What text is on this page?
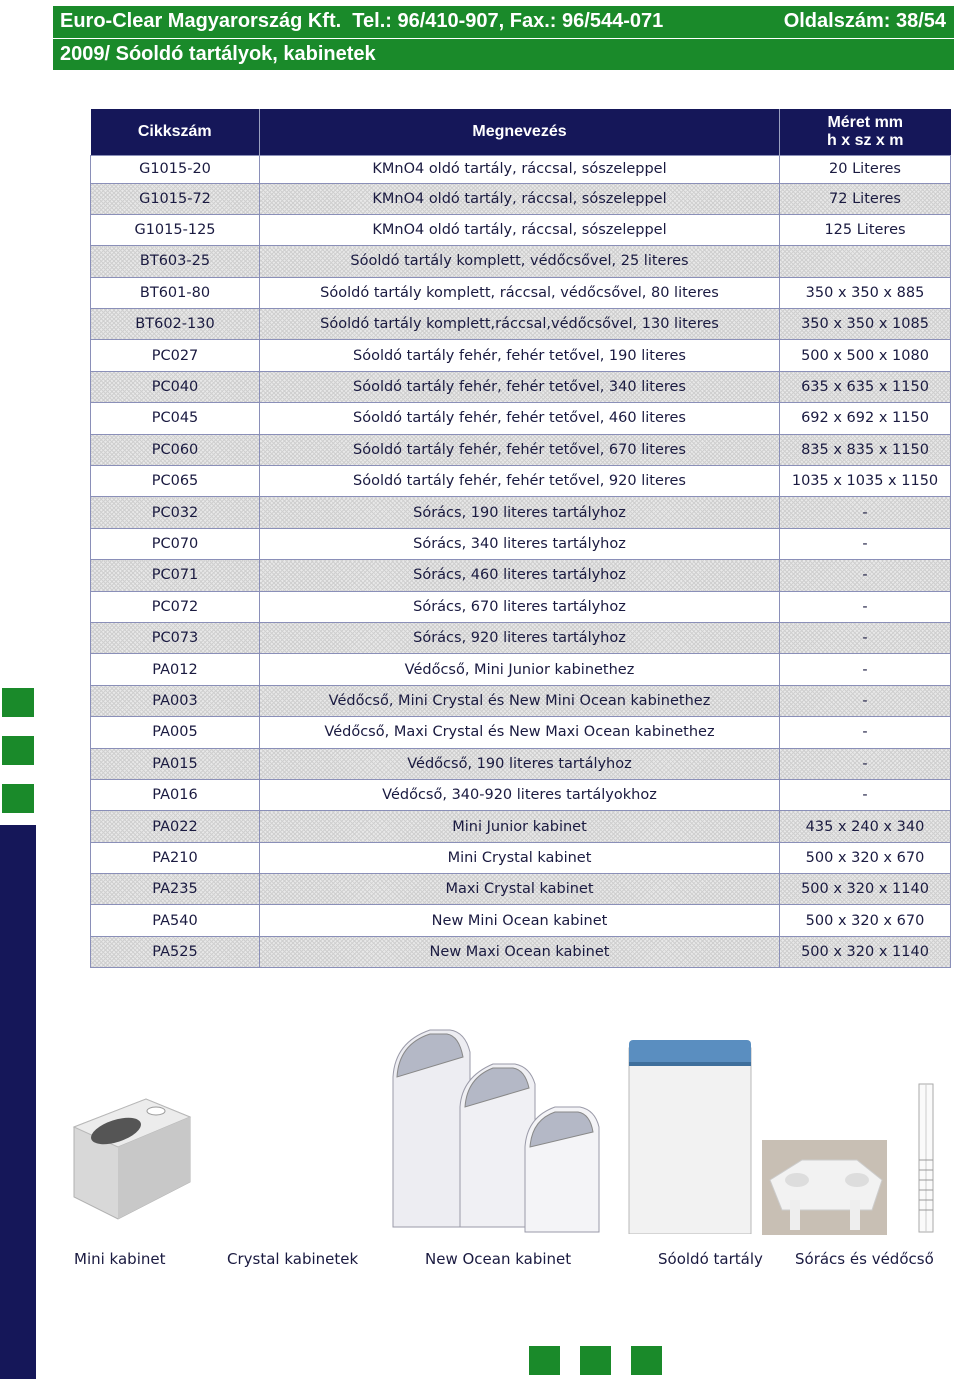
Euro-Clear Magyarország Kft.  Tel.: 96/410-907, Fax.: 96/544-071	Oldalszám: 38/54
2009/ Sóoldó tartályok, kabinetek
Cikkszám	Megnevezés	Méret mm
h x sz x m
G1015-20	KMnO4 oldó tartály, ráccsal, sószeleppel	20 Literes
G1015-72	KMnO4 oldó tartály, ráccsal, sószeleppel	72 Literes
G1015-125	KMnO4 oldó tartály, ráccsal, sószeleppel	125 Literes
BT603-25	Sóoldó tartály komplett, védőcsővel, 25 literes	
BT601-80	Sóoldó tartály komplett, ráccsal, védőcsővel, 80 literes	350 x 350 x 885
BT602-130	Sóoldó tartály komplett,ráccsal,védőcsővel, 130 literes	350 x 350 x 1085
PC027	Sóoldó tartály fehér, fehér tetővel, 190 literes	500 x 500 x 1080
PC040	Sóoldó tartály fehér, fehér tetővel, 340 literes	635 x 635 x 1150
PC045	Sóoldó tartály fehér, fehér tetővel, 460 literes	692 x 692 x 1150
PC060	Sóoldó tartály fehér, fehér tetővel, 670 literes	835 x 835 x 1150
PC065	Sóoldó tartály fehér, fehér tetővel, 920 literes	1035 x 1035 x 1150
PC032	Sórács, 190 literes tartályhoz	-
PC070	Sórács, 340 literes tartályhoz	-
PC071	Sórács, 460 literes tartályhoz	-
PC072	Sórács, 670 literes tartályhoz	-
PC073	Sórács, 920 literes tartályhoz	-
PA012	Védőcső, Mini Junior kabinethez	-
PA003	Védőcső, Mini Crystal és New Mini Ocean kabinethez	-
PA005	Védőcső, Maxi Crystal és New Maxi Ocean kabinethez	-
PA015	Védőcső, 190 literes tartályhoz	-
PA016	Védőcső, 340-920 literes tartályokhoz	-
PA022	Mini Junior kabinet	435 x 240 x 340
PA210	Mini Crystal kabinet	500 x 320 x 670
PA235	Maxi Crystal kabinet	500 x 320 x 1140
PA540	New Mini Ocean kabinet	500 x 320 x 670
PA525	New Maxi Ocean kabinet	500 x 320 x 1140
Mini kabinet	Crystal kabinetek	New Ocean kabinet	Sóoldó tartály Sórács és védőcső
